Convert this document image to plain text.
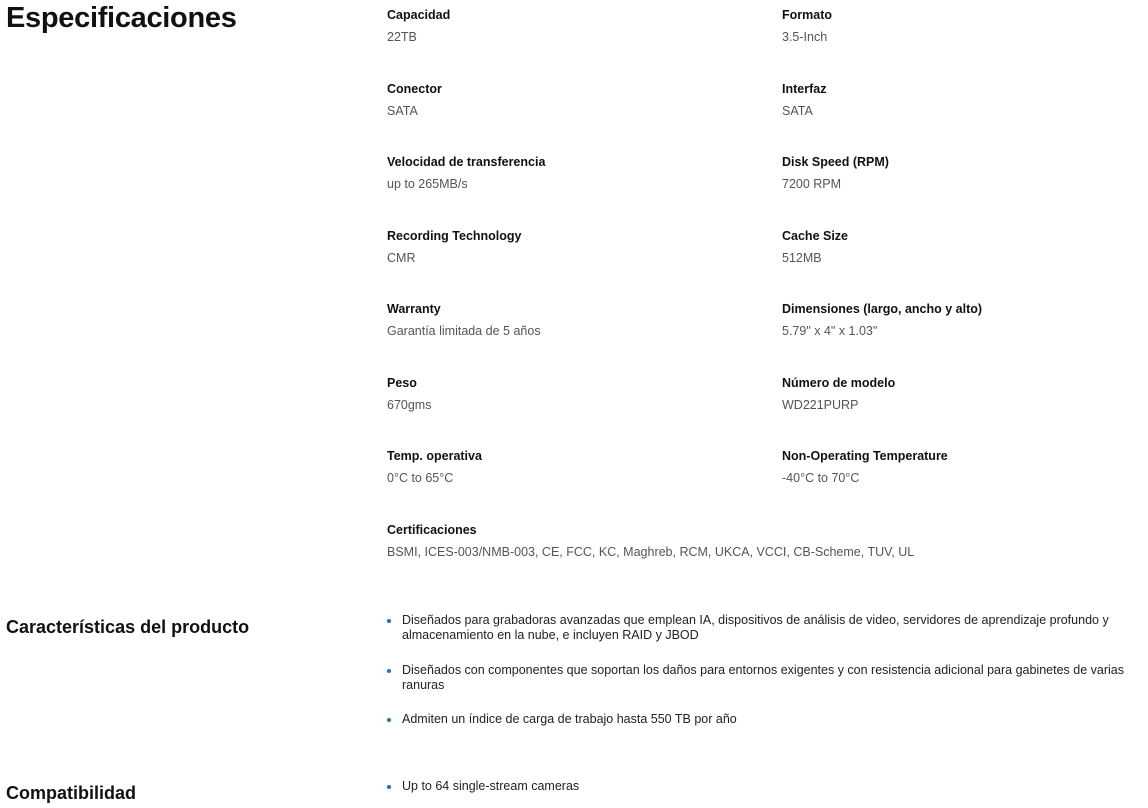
Especificaciones	Capacidad
22TB
Formato
3.5-Inch
Conector
SATA
Interfaz
SATA
Velocidad de transferencia
up to 265MB/s
Disk Speed (RPM)
7200 RPM
Recording Technology
CMR
Cache Size
512MB
Warranty
Garantía limitada de 5 años
Dimensiones (largo, ancho y alto)
5.79" x 4" x 1.03"
Peso
670gms
Número de modelo
WD221PURP
Temp. operativa
0°C to 65°C
Non-Operating Temperature
-40°C to 70°C
Certificaciones
BSMI, ICES-003/NMB-003, CE, FCC, KC, Maghreb, RCM, UKCA, VCCI, CB-Scheme, TUV, UL
Características del producto	Diseñados para grabadoras avanzadas que emplean IA, dispositivos de análisis de video, servidores de aprendizaje profundo y almacenamiento en la nube, e incluyen RAID y JBOD
Diseñados con componentes que soportan los daños para entornos exigentes y con resistencia adicional para gabinetes de varias ranuras
Admiten un índice de carga de trabajo hasta 550 TB por año
Compatibilidad	Up to 64 single-stream cameras
